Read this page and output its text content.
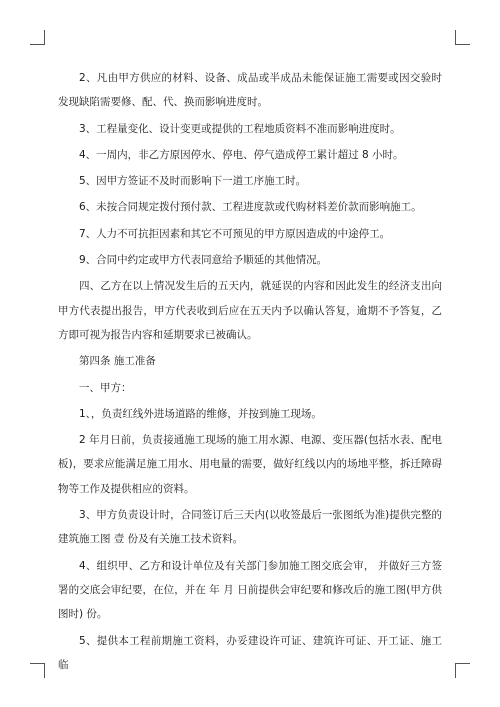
2、凡由甲方供应的材料、设备、成品或半成品未能保证施工需要或因交验时发现缺陷需要修、配、代、换而影响进度时。

3、工程量变化、设计变更或提供的工程地质资料不准而影响进度时。

4、一周内，非乙方原因停水、停电、停气造成停工累计超过 8 小时。

5、因甲方签证不及时而影响下一道工序施工时。

6、未按合同规定拨付预付款、工程进度款或代购材料差价款而影响施工。

7、人力不可抗拒因素和其它不可预见的甲方原因造成的中途停工。

9、合同中约定或甲方代表同意给予顺延的其他情况。

四、乙方在以上情况发生后的五天内，就延误的内容和因此发生的经济支出向甲方代表提出报告，甲方代表收到后应在五天内予以确认答复，逾期不予答复，乙方即可视为报告内容和延期要求已被确认。

第四条 施工准备

一、甲方：

1、，负责红线外进场道路的维修，并按到施工现场。

2 年月日前，负责接通施工现场的施工用水源、电源、变压器(包括水表、配电板)，要求应能满足施工用水、用电量的需要，做好红线以内的场地平整，拆迁障碍物等工作及提供相应的资料。

3、甲方负责设计时，合同签订后三天内(以收签最后一张图纸为准)提供完整的建筑施工图 壹 份及有关施工技术资料。

4、组织甲、乙方和设计单位及有关部门参加施工图交底会审， 并做好三方签署的交底会审纪要，在位，并在 年 月 日前提供会审纪要和修改后的施工图(甲方供图时) 份。

5、提供本工程前期施工资料，办妥建设许可证、建筑许可证、开工证、施工临
